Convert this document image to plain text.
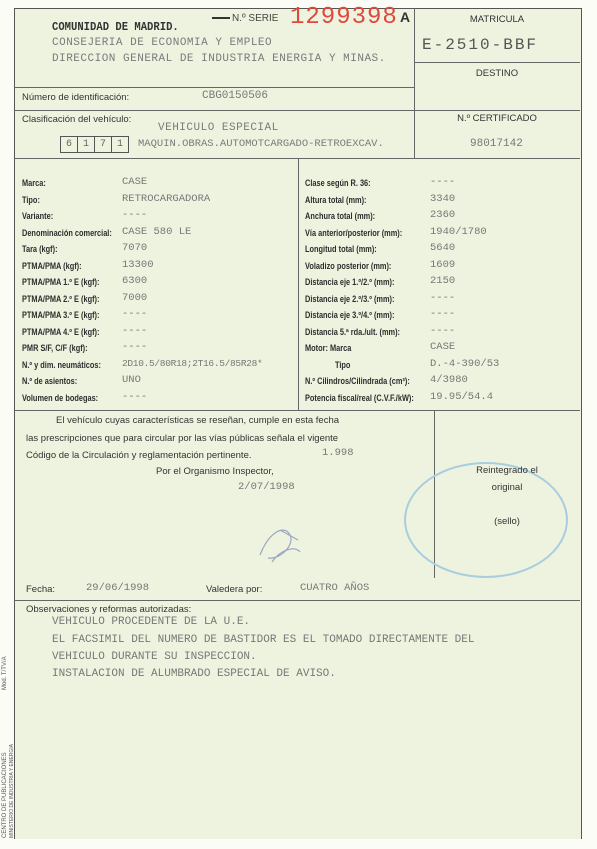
COMUNIDAD DE MADRID.
CONSEJERIA DE ECONOMIA Y EMPLEO
DIRECCION GENERAL DE INDUSTRIA ENERGIA Y MINAS.
N.º SERIE 1299398 A	MATRICULA
E-2510-BBF
DESTINO
Número de identificación:	CBG0150506
Clasificación del vehículo:
6	1	7	1
VEHICULO ESPECIAL
MAQUIN.OBRAS.AUTOMOTCARGADO-RETROEXCAV.
N.º CERTIFICADO
98017142
Marca:	CASE
Tipo:	RETROCARGADORA
Variante:	----
Denominación comercial: CASE 580 LE
Tara (kgf):	7070
PTMA/PMA (kgf):	13300
PTMA/PMA 1.º E (kgf): 6300
PTMA/PMA 2.º E (kgf): 7000
PTMA/PMA 3.º E (kgf): ----
PTMA/PMA 4.º E (kgf): ----
PMR S/F, C/F (kgf):	----
N.º y dim. neumáticos: 2D10.5/80R18;2T16.5/85R28*
N.º de asientos:	UNO
Volumen de bodegas: ----
Clase según R. 36:	----
Altura total (mm):	3340
Anchura total (mm):	2360
Vía anterior/posterior (mm):	1940/1780
Longitud total (mm):	5640
Voladizo posterior (mm):	1609
Distancia eje 1.º/2.º (mm):	2150
Distancia eje 2.º/3.º (mm):	----
Distancia eje 3.º/4.º (mm):	----
Distancia 5.ª rda./ult. (mm):	----
Motor: Marca	CASE
Tipo	D.-4-390/53
N.º Cilindros/Cilindrada (cm³): 4/3980
Potencia fiscal/real (C.V.F./kW): 19.95/54.4
El vehículo cuyas características se reseñan, cumple en esta fecha
las prescripciones que para circular por las vías públicas señala el vigente
Código de la Circulación y reglamentación pertinente.	1.998
Por el Organismo Inspector,
2/07/1998
Reintegrado el
original
(sello)
Fecha:	29/06/1998	Valedera por:	CUATRO AÑOS
Observaciones y reformas autorizadas:
VEHICULO PROCEDENTE DE LA U.E.
EL FACSIMIL DEL NUMERO DE BASTIDOR ES EL TOMADO DIRECTAMENTE DEL
VEHICULO DURANTE SU INSPECCION.
INSTALACION DE ALUMBRADO ESPECIAL DE AVISO.
Mod. T/TV/A
CENTRO DE PUBLICACIONES MINISTERIO DE INDUSTRIA Y ENERGIA
